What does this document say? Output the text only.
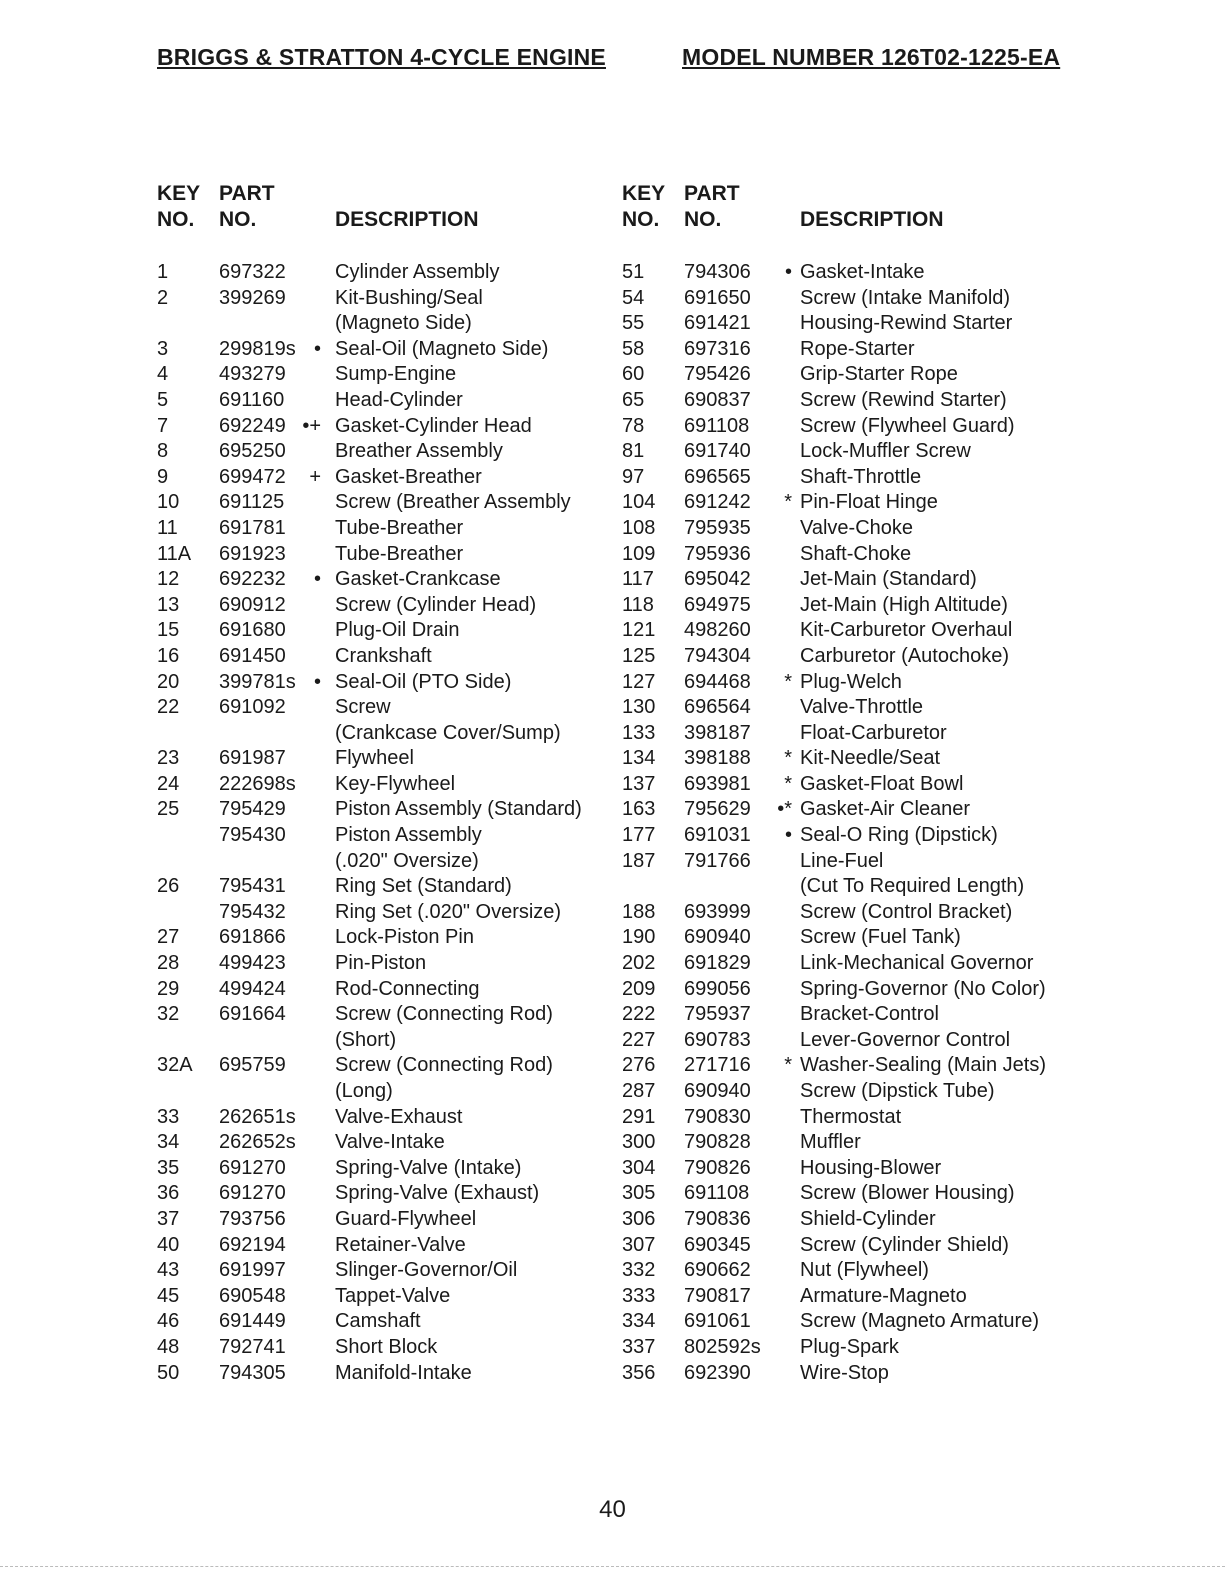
BRIGGS & STRATTON 4-CYCLE ENGINE	MODEL NUMBER 126T02-1225-EA
KEY
NO.
PART
NO.	DESCRIPTION
1	697322 Cylinder Assembly
2	399269 Kit-Bushing/Seal
(Magneto Side)
3	299819s • Seal-Oil (Magneto Side)
4	493279 Sump-Engine
5	691160	Head-Cylinder
7	692249 •+ Gasket-Cylinder Head
8	695250 Breather Assembly
9	699472	+ Gasket-Breather
10 691125	Screw (Breather Assembly
11 691781 Tube-Breather
11A 691923 Tube-Breather
12 692232	• Gasket-Crankcase
13 690912 Screw (Cylinder Head)
15 691680 Plug-Oil Drain
16 691450 Crankshaft
20 399781s • Seal-Oil (PTO Side)
22 691092 Screw
(Crankcase Cover/Sump)
23 691987 Flywheel
24 222698s Key-Flywheel
25 795429 Piston Assembly (Standard)
795430 Piston Assembly
(.020" Oversize)
26 795431 Ring Set (Standard)
795432 Ring Set (.020" Oversize)
27 691866 Lock-Piston Pin
28 499423 Pin-Piston
29 499424 Rod-Connecting
32 691664 Screw (Connecting Rod)
(Short)
32A 695759 Screw (Connecting Rod)
(Long)
33 262651s Valve-Exhaust
34 262652s Valve-Intake
35 691270 Spring-Valve (Intake)
36 691270 Spring-Valve (Exhaust)
37 793756 Guard-Flywheel
40 692194 Retainer-Valve
43 691997 Slinger-Governor/Oil
45 690548 Tappet-Valve
46 691449 Camshaft
48 792741 Short Block
50 794305 Manifold-Intake
KEY
NO.
PART
NO.	DESCRIPTION
51 794306	• Gasket-Intake
54 691650 Screw (Intake Manifold)
55 691421 Housing-Rewind Starter
58 697316 Rope-Starter
60 795426 Grip-Starter Rope
65 690837 Screw (Rewind Starter)
78 691108	Screw (Flywheel Guard)
81 691740 Lock-Muffler Screw
97 696565 Shaft-Throttle
104 691242	* Pin-Float Hinge
108 795935 Valve-Choke
109 795936 Shaft-Choke
117 695042 Jet-Main (Standard)
118 694975 Jet-Main (High Altitude)
121 498260 Kit-Carburetor Overhaul
125 794304 Carburetor (Autochoke)
127 694468	* Plug-Welch
130 696564 Valve-Throttle
133 398187 Float-Carburetor
134 398188	* Kit-Needle/Seat
137 693981	* Gasket-Float Bowl
163 795629	•* Gasket-Air Cleaner
177 691031	• Seal-O Ring (Dipstick)
187 791766 Line-Fuel
(Cut To Required Length)
188 693999 Screw (Control Bracket)
190 690940 Screw (Fuel Tank)
202 691829 Link-Mechanical Governor
209 699056 Spring-Governor (No Color)
222 795937 Bracket-Control
227 690783 Lever-Governor Control
276 271716	* Washer-Sealing (Main Jets)
287 690940 Screw (Dipstick Tube)
291 790830 Thermostat
300 790828 Muffler
304 790826 Housing-Blower
305 691108	Screw (Blower Housing)
306 790836 Shield-Cylinder
307 690345 Screw (Cylinder Shield)
332 690662 Nut (Flywheel)
333 790817 Armature-Magneto
334 691061 Screw (Magneto Armature)
337 802592s Plug-Spark
356 692390 Wire-Stop
40
